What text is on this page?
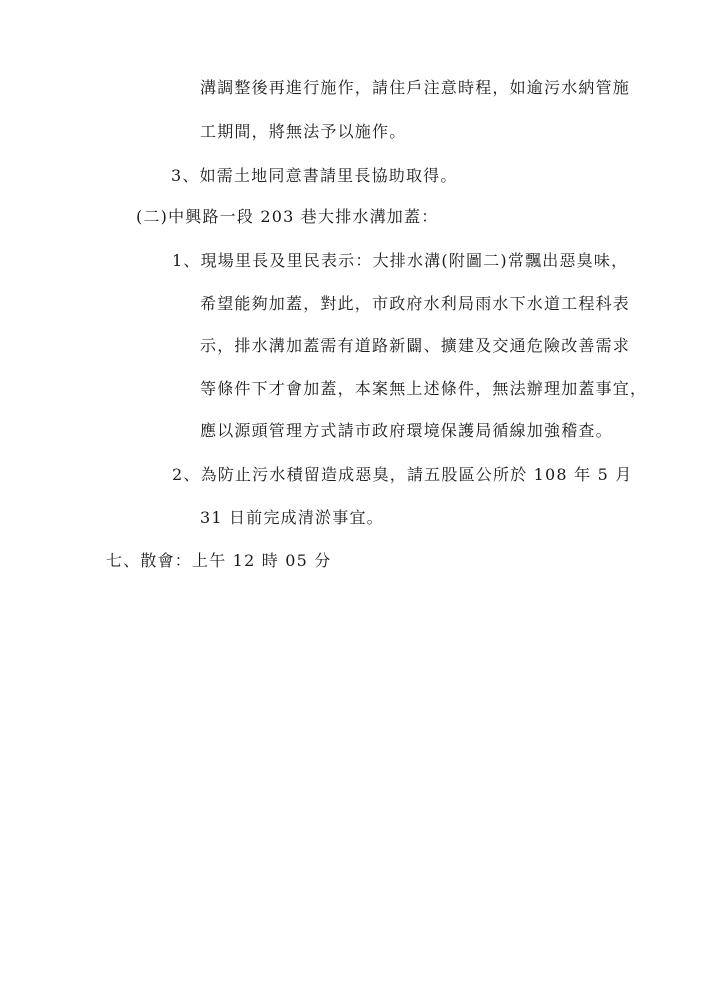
溝調整後再進行施作，請住戶注意時程，如逾污水納管施
工期間，將無法予以施作。
3、如需土地同意書請里長協助取得。
(二)中興路一段 203 巷大排水溝加蓋：
1、現場里長及里民表示：大排水溝(附圖二)常飄出惡臭味，
希望能夠加蓋，對此，市政府水利局雨水下水道工程科表
示，排水溝加蓋需有道路新闢、擴建及交通危險改善需求
等條件下才會加蓋，本案無上述條件，無法辦理加蓋事宜，
應以源頭管理方式請市政府環境保護局循線加強稽查。
2、為防止污水積留造成惡臭，請五股區公所於 108 年 5 月
31 日前完成清淤事宜。
七、散會：上午 12 時 05 分
